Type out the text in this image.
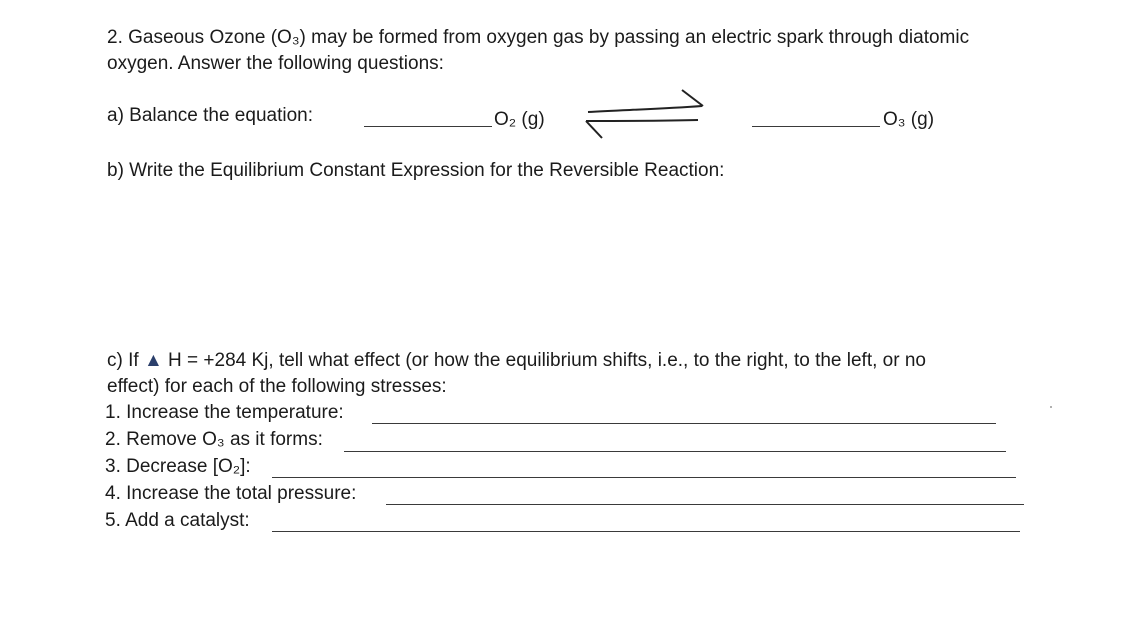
2. Gaseous Ozone (O₃) may be formed from oxygen gas by passing an electric spark through diatomic
oxygen. Answer the following questions:
a) Balance the equation:	O₂ (g)	O₃ (g)
b) Write the Equilibrium Constant Expression for the Reversible Reaction:
c) If ▲ H = +284 Kj, tell what effect (or how the equilibrium shifts, i.e., to the right, to the left, or no
effect) for each of the following stresses:
1. Increase the temperature:
2. Remove O₃ as it forms:
3. Decrease [O₂]:
4. Increase the total pressure:
5. Add a catalyst:
